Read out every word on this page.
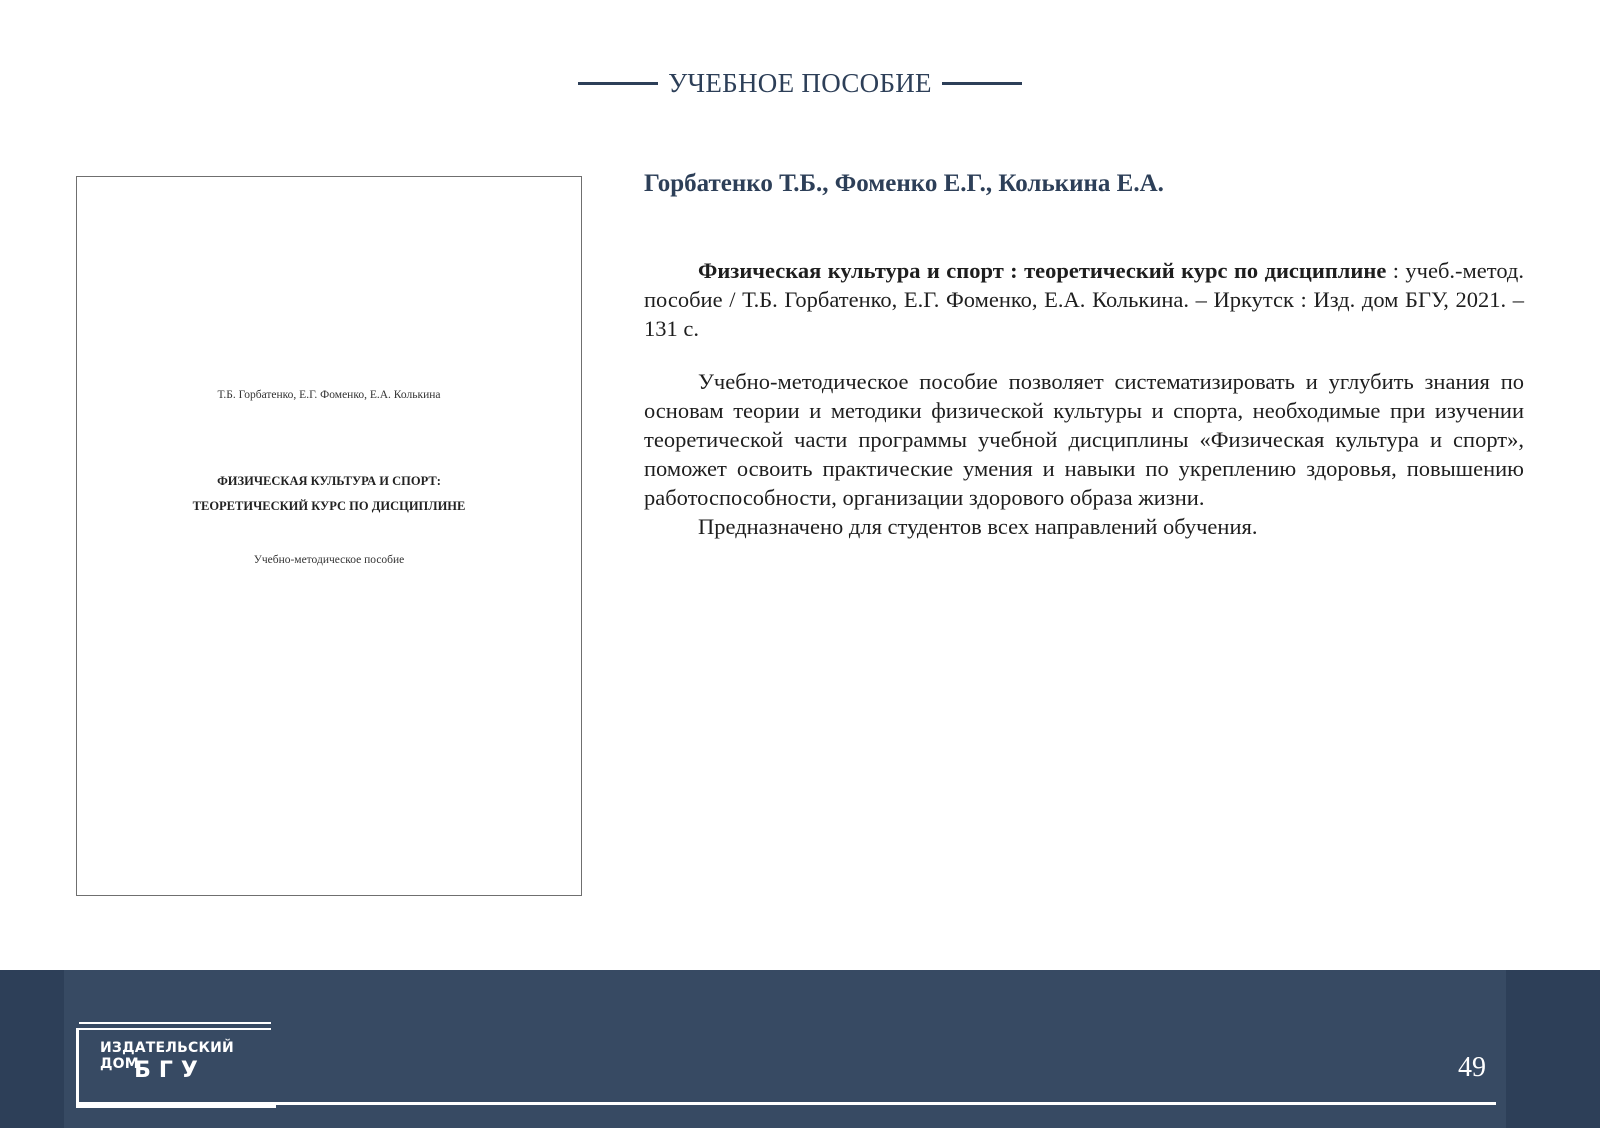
УЧЕБНОЕ ПОСОБИЕ
Т.Б. Горбатенко, Е.Г. Фоменко, Е.А. Колькина
ФИЗИЧЕСКАЯ КУЛЬТУРА И СПОРТ:
ТЕОРЕТИЧЕСКИЙ КУРС ПО ДИСЦИПЛИНЕ
Учебно-методическое пособие
Горбатенко Т.Б., Фоменко Е.Г., Колькина Е.А.

Физическая культура и спорт : теоретический курс по дисциплине : учеб.-метод. пособие / Т.Б. Горбатенко, Е.Г. Фоменко, Е.А. Колькина. – Иркутск : Изд. дом БГУ, 2021. – 131 с.

Учебно-методическое пособие позволяет систематизировать и углубить знания по основам теории и методики физической культуры и спорта, необходимые при изучении теоретической части программы учебной дисциплины «Физическая культура и спорт», поможет освоить практические умения и навыки по укреплению здоровья, повышению работоспособности, организации здорового образа жизни.

Предназначено для студентов всех направлений обучения.

ИЗДАТЕЛЬСКИЙ ДОМ
БГУ	49
